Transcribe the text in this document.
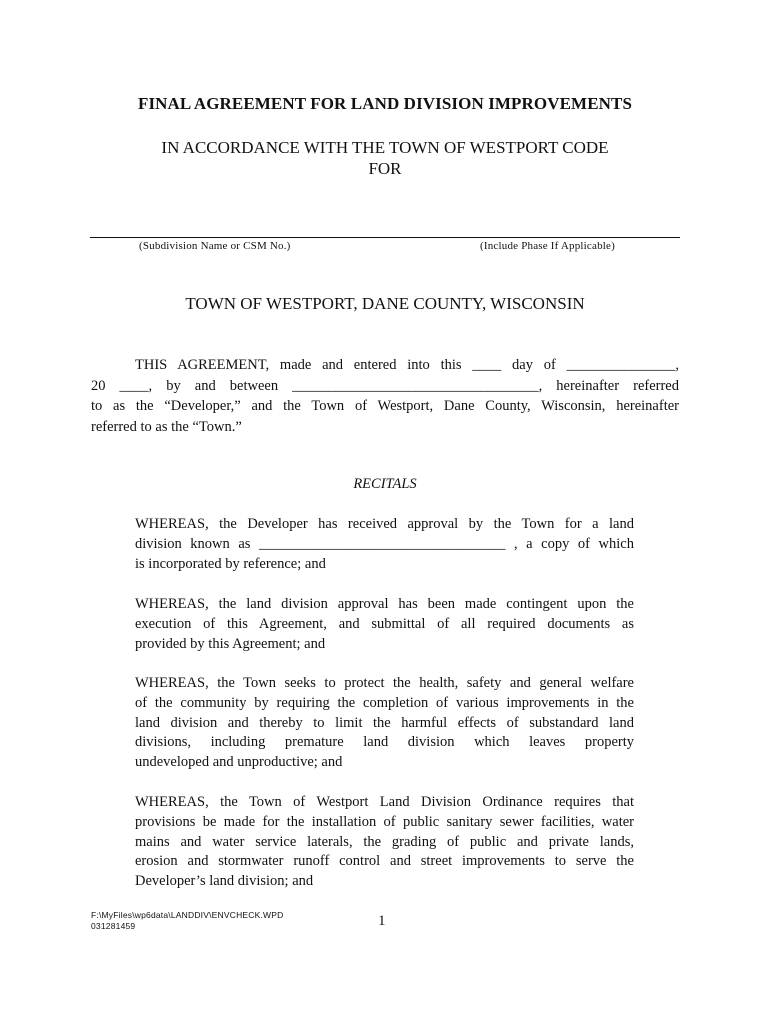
FINAL AGREEMENT FOR LAND DIVISION IMPROVEMENTS
IN ACCORDANCE WITH THE TOWN OF WESTPORT CODE
FOR
(Subdivision Name or CSM No.)	(Include Phase If Applicable)
TOWN OF WESTPORT, DANE COUNTY, WISCONSIN
THIS AGREEMENT, made and entered into this ____ day of _______________,
20 ____, by and between __________________________________, hereinafter referred
to as the “Developer,” and the Town of Westport, Dane County, Wisconsin, hereinafter
referred to as the “Town.”
RECITALS
WHEREAS, the Developer has received approval by the Town for a land
division known as __________________________________ , a copy of which
is incorporated by reference; and
WHEREAS, the land division approval has been made contingent upon the
execution of this Agreement, and submittal of all required documents as
provided by this Agreement; and
WHEREAS, the Town seeks to protect the health, safety and general welfare
of the community by requiring the completion of various improvements in the
land division and thereby to limit the harmful effects of substandard land
divisions, including premature land division which leaves property
undeveloped and unproductive; and
WHEREAS, the Town of Westport Land Division Ordinance requires that
provisions be made for the installation of public sanitary sewer facilities, water
mains and water service laterals, the grading of public and private lands,
erosion and stormwater runoff control and street improvements to serve the
Developer’s land division; and
F:\MyFiles\wp6data\LANDDIV\ENVCHECK.WPD
031281459	1
